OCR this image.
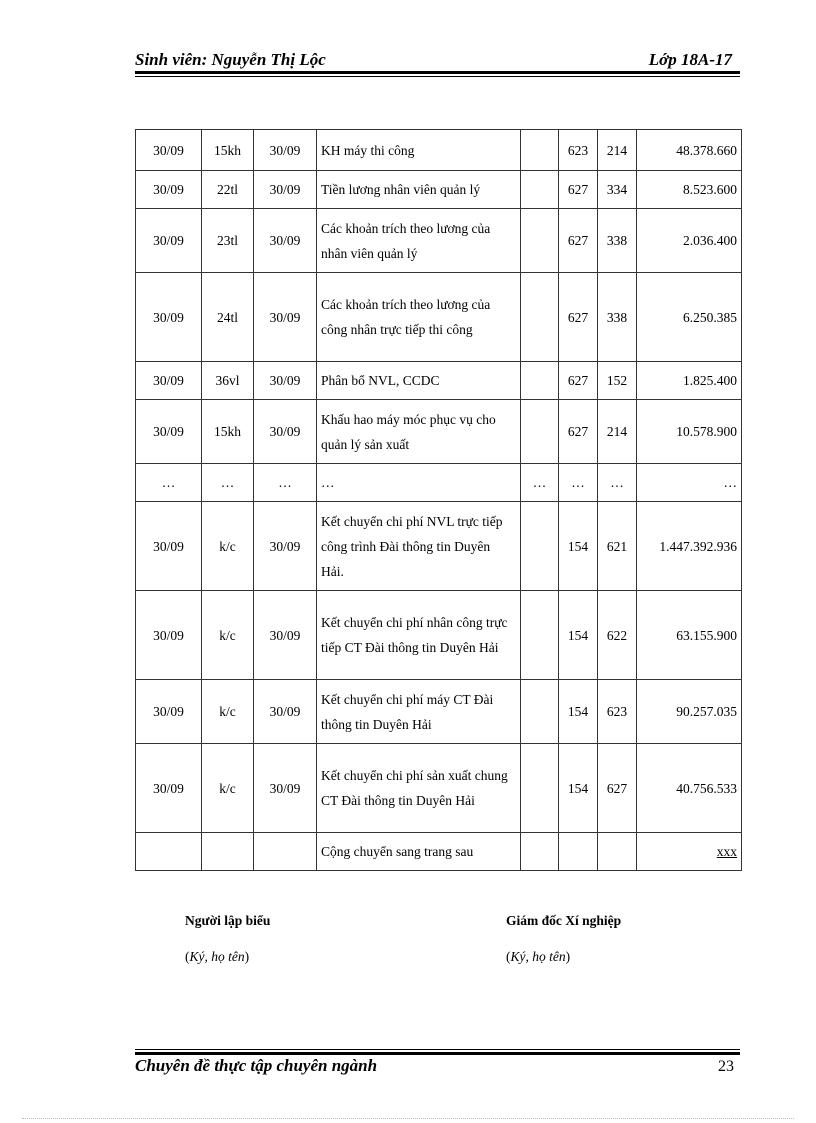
Sinh viên: Nguyễn Thị Lộc	Lớp 18A-17
30/09	15kh	30/09	KH máy thi công		623	214	48.378.660
30/09	22tl	30/09	Tiền lương nhân viên quản lý		627	334	8.523.600
30/09	23tl	30/09	Các khoản trích theo lương của nhân viên quản lý		627	338	2.036.400
30/09	24tl	30/09	Các khoản trích theo lương của công nhân trực tiếp thi công		627	338	6.250.385
30/09	36vl	30/09	Phân bổ NVL, CCDC		627	152	1.825.400
30/09	15kh	30/09	Khấu hao máy móc phục vụ cho quản lý sản xuất		627	214	10.578.900
…	…	…	…	…	…	…	…
30/09	k/c	30/09	Kết chuyển chi phí NVL trực tiếp công trình Đài thông tin Duyên Hải.		154	621	1.447.392.936
30/09	k/c	30/09	Kết chuyển chi phí nhân công trực tiếp CT Đài thông tin Duyên Hải		154	622	63.155.900
30/09	k/c	30/09	Kết chuyển chi phí máy CT Đài thông tin Duyên Hải		154	623	90.257.035
30/09	k/c	30/09	Kết chuyển chi phí sản xuất chung CT Đài thông tin Duyên Hải		154	627	40.756.533
			Cộng chuyển sang trang sau				xxx
Người lập biểu
(Ký, họ tên)
Giám đốc Xí nghiệp
(Ký, họ tên)
Chuyên đề thực tập chuyên ngành	23
